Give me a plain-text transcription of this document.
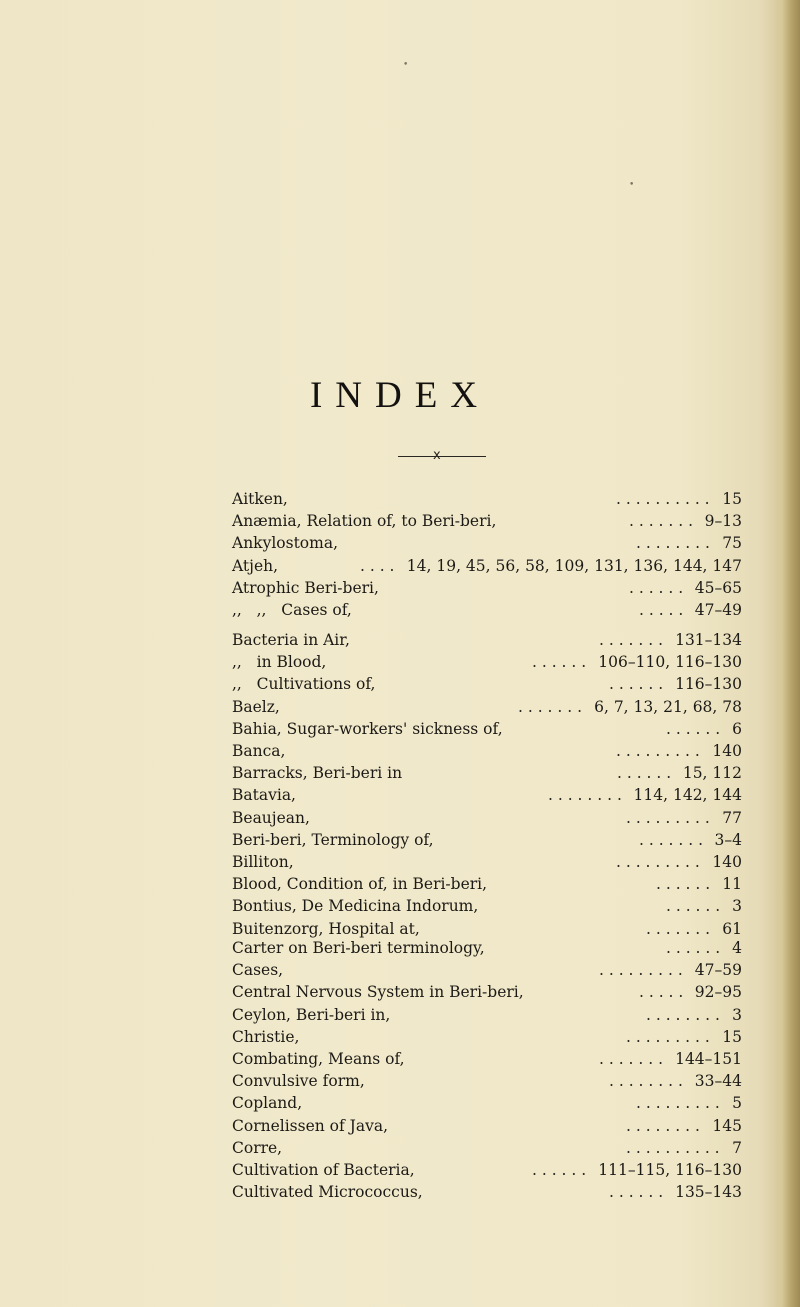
•
•
INDEX
x
Aitken,	. . . . . . . . . . 15
Anæmia, Relation of, to Beri-beri,	. . . . . . . 9–13
Ankylostoma,	. . . . . . . . 75
Atjeh,	. . . . 14, 19, 45, 56, 58, 109, 131, 136, 144, 147
Atrophic Beri-beri,	. . . . . . 45–65
,,   ,,   Cases of,	. . . . . 47–49
Bacteria in Air,	. . . . . . . 131–134
,,   in Blood,	. . . . . . 106–110, 116–130
,,   Cultivations of,	. . . . . . 116–130
Baelz,	. . . . . . . 6, 7, 13, 21, 68, 78
Bahia, Sugar-workers' sickness of,	. . . . . . 6
Banca,	. . . . . . . . . 140
Barracks, Beri-beri in	. . . . . . 15, 112
Batavia,	. . . . . . . . 114, 142, 144
Beaujean,	. . . . . . . . . 77
Beri-beri, Terminology of,	. . . . . . . 3–4
Billiton,	. . . . . . . . . 140
Blood, Condition of, in Beri-beri,	. . . . . . 11
Bontius, De Medicina Indorum,	. . . . . . 3
Buitenzorg, Hospital at,	. . . . . . . 61
Carter on Beri-beri terminology,	. . . . . . 4
Cases,	. . . . . . . . . 47–59
Central Nervous System in Beri-beri,	. . . . . 92–95
Ceylon, Beri-beri in,	. . . . . . . . 3
Christie,	. . . . . . . . . 15
Combating, Means of,	. . . . . . . 144–151
Convulsive form,	. . . . . . . . 33–44
Copland,	. . . . . . . . . 5
Cornelissen of Java,	. . . . . . . . 145
Corre,	. . . . . . . . . . 7
Cultivation of Bacteria,	. . . . . . 111–115, 116–130
Cultivated Micrococcus,	. . . . . . 135–143
